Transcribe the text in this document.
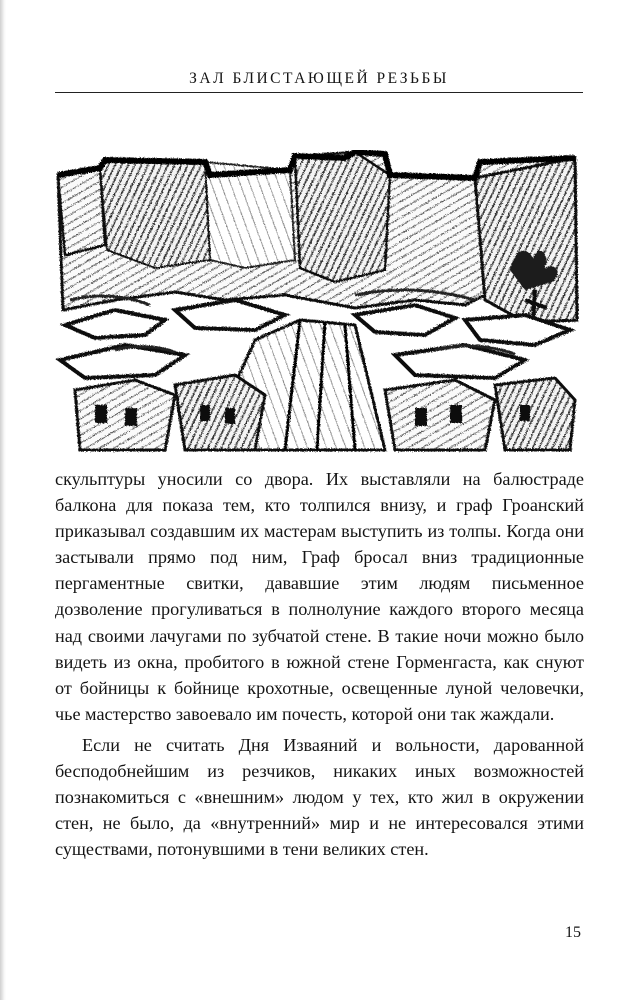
ЗАЛ БЛИСТАЮЩЕЙ РЕЗЬБЫ

скульптуры уносили со двора. Их выставляли на балюстраде балкона для показа тем, кто толпился внизу, и граф Гроанский приказывал создавшим их мастерам выступить из толпы. Когда они застывали прямо под ним, Граф бросал вниз традиционные пергаментные свитки, дававшие этим людям письменное дозволение прогуливаться в полнолуние каждого второго месяца над своими лачугами по зубчатой стене. В такие ночи можно было видеть из окна, пробитого в южной стене Горменгаста, как снуют от бойницы к бойнице крохотные, освещенные луной человечки, чье мастерство завоевало им почесть, которой они так жаждали.

Если не считать Дня Изваяний и вольности, дарованной бесподобнейшим из резчиков, никаких иных возможностей познакомиться с «внешним» людом у тех, кто жил в окружении стен, не было, да «внутренний» мир и не интересовался этими существами, потонувшими в тени великих стен.

15
